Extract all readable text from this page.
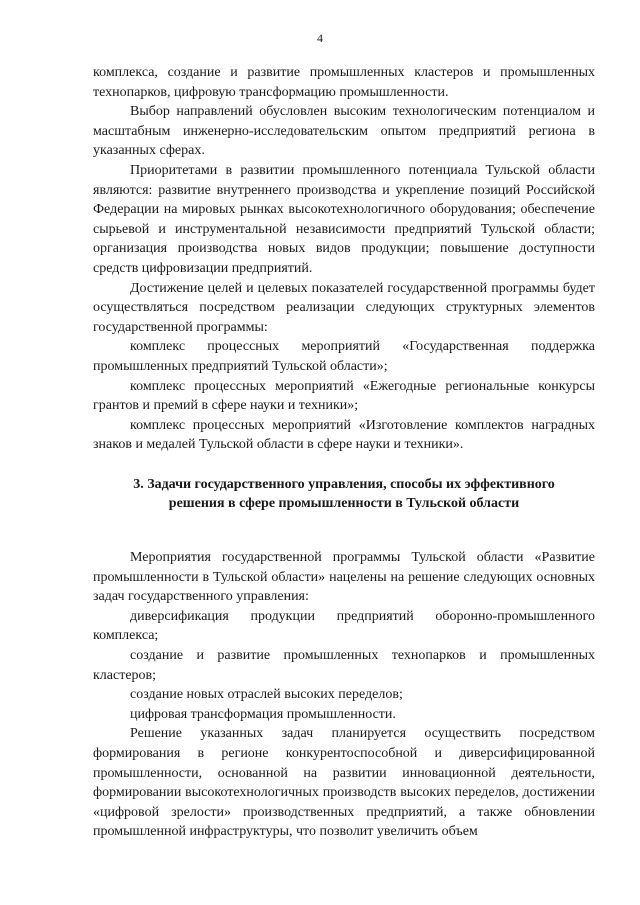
4

комплекса, создание и развитие промышленных кластеров и промышленных технопарков, цифровую трансформацию промышленности.

Выбор направлений обусловлен высоким технологическим потенциалом и масштабным инженерно-исследовательским опытом предприятий региона в указанных сферах.

Приоритетами в развитии промышленного потенциала Тульской области являются: развитие внутреннего производства и укрепление позиций Российской Федерации на мировых рынках высокотехнологичного оборудования; обеспечение сырьевой и инструментальной независимости предприятий Тульской области; организация производства новых видов продукции; повышение доступности средств цифровизации предприятий.

Достижение целей и целевых показателей государственной программы будет осуществляться посредством реализации следующих структурных элементов государственной программы:

комплекс процессных мероприятий «Государственная поддержка промышленных предприятий Тульской области»;

комплекс процессных мероприятий «Ежегодные региональные конкурсы грантов и премий в сфере науки и техники»;

комплекс процессных мероприятий «Изготовление комплектов наградных знаков и медалей Тульской области в сфере науки и техники».

3. Задачи государственного управления, способы их эффективного решения в сфере промышленности в Тульской области

Мероприятия государственной программы Тульской области «Развитие промышленности в Тульской области» нацелены на решение следующих основных задач государственного управления:

диверсификация продукции предприятий оборонно-промышленного комплекса;

создание и развитие промышленных технопарков и промышленных кластеров;

создание новых отраслей высоких переделов;

цифровая трансформация промышленности.

Решение указанных задач планируется осуществить посредством формирования в регионе конкурентоспособной и диверсифицированной промышленности, основанной на развитии инновационной деятельности, формировании высокотехнологичных производств высоких переделов, достижении «цифровой зрелости» производственных предприятий, а также обновлении промышленной инфраструктуры, что позволит увеличить объем
